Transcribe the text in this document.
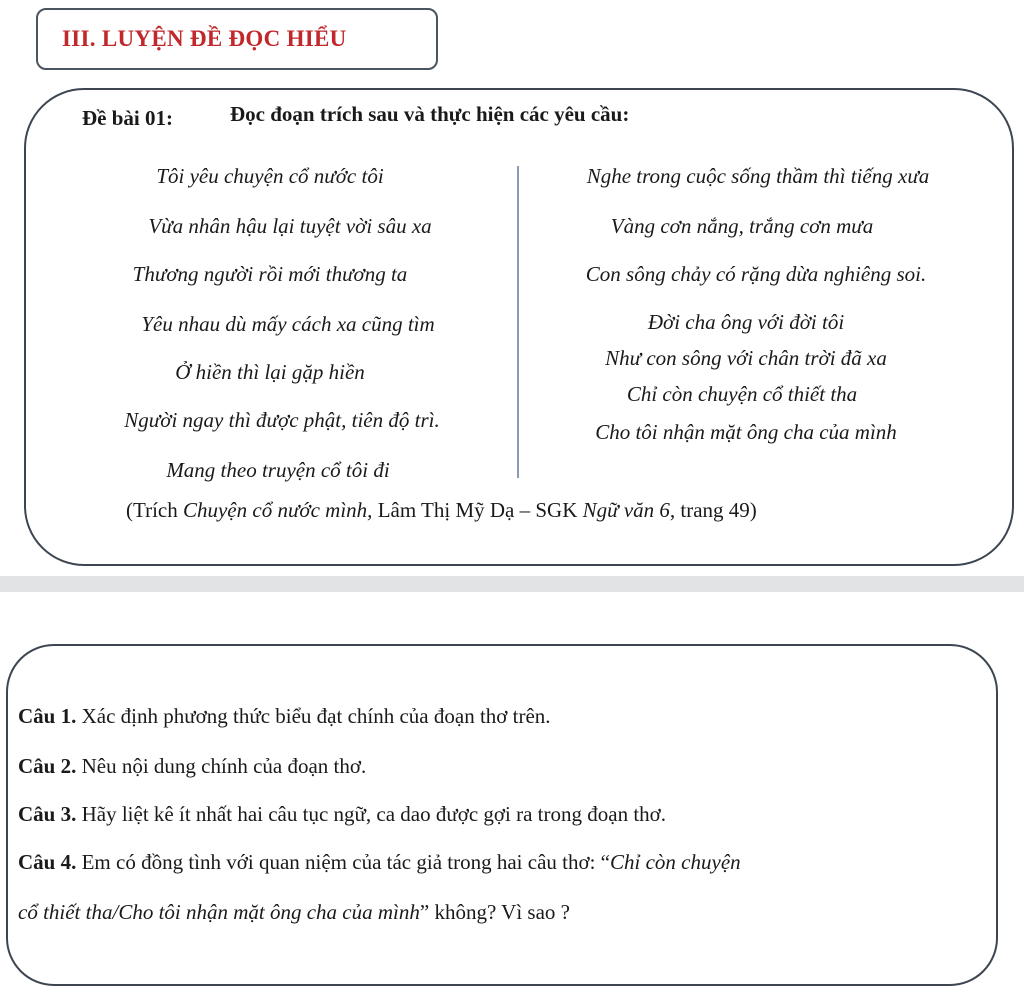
III. LUYỆN ĐỀ ĐỌC HIỂU
Đề bài 01:	Đọc đoạn trích sau và thực hiện các yêu cầu:
Tôi yêu chuyện cổ nước tôi
Vừa nhân hậu lại tuyệt vời sâu xa
Thương người rồi mới thương ta
Yêu nhau dù mấy cách xa cũng tìm
Ở hiền thì lại gặp hiền
Người ngay thì được phật, tiên độ trì.
Mang theo truyện cổ tôi đi
Nghe trong cuộc sống thầm thì tiếng xưa
Vàng cơn nắng, trắng cơn mưa
Con sông chảy có rặng dừa nghiêng soi.
Đời cha ông với đời tôi
Như con sông với chân trời đã xa
Chỉ còn chuyện cổ thiết tha
Cho tôi nhận mặt ông cha của mình
(Trích Chuyện cổ nước mình, Lâm Thị Mỹ Dạ – SGK Ngữ văn 6, trang 49)
Câu 1. Xác định phương thức biểu đạt chính của đoạn thơ trên.
Câu 2. Nêu nội dung chính của đoạn thơ.
Câu 3. Hãy liệt kê ít nhất hai câu tục ngữ, ca dao được gợi ra trong đoạn thơ.
Câu 4. Em có đồng tình với quan niệm của tác giả trong hai câu thơ: “Chỉ còn chuyện
cổ thiết tha/Cho tôi nhận mặt ông cha của mình” không? Vì sao ?
